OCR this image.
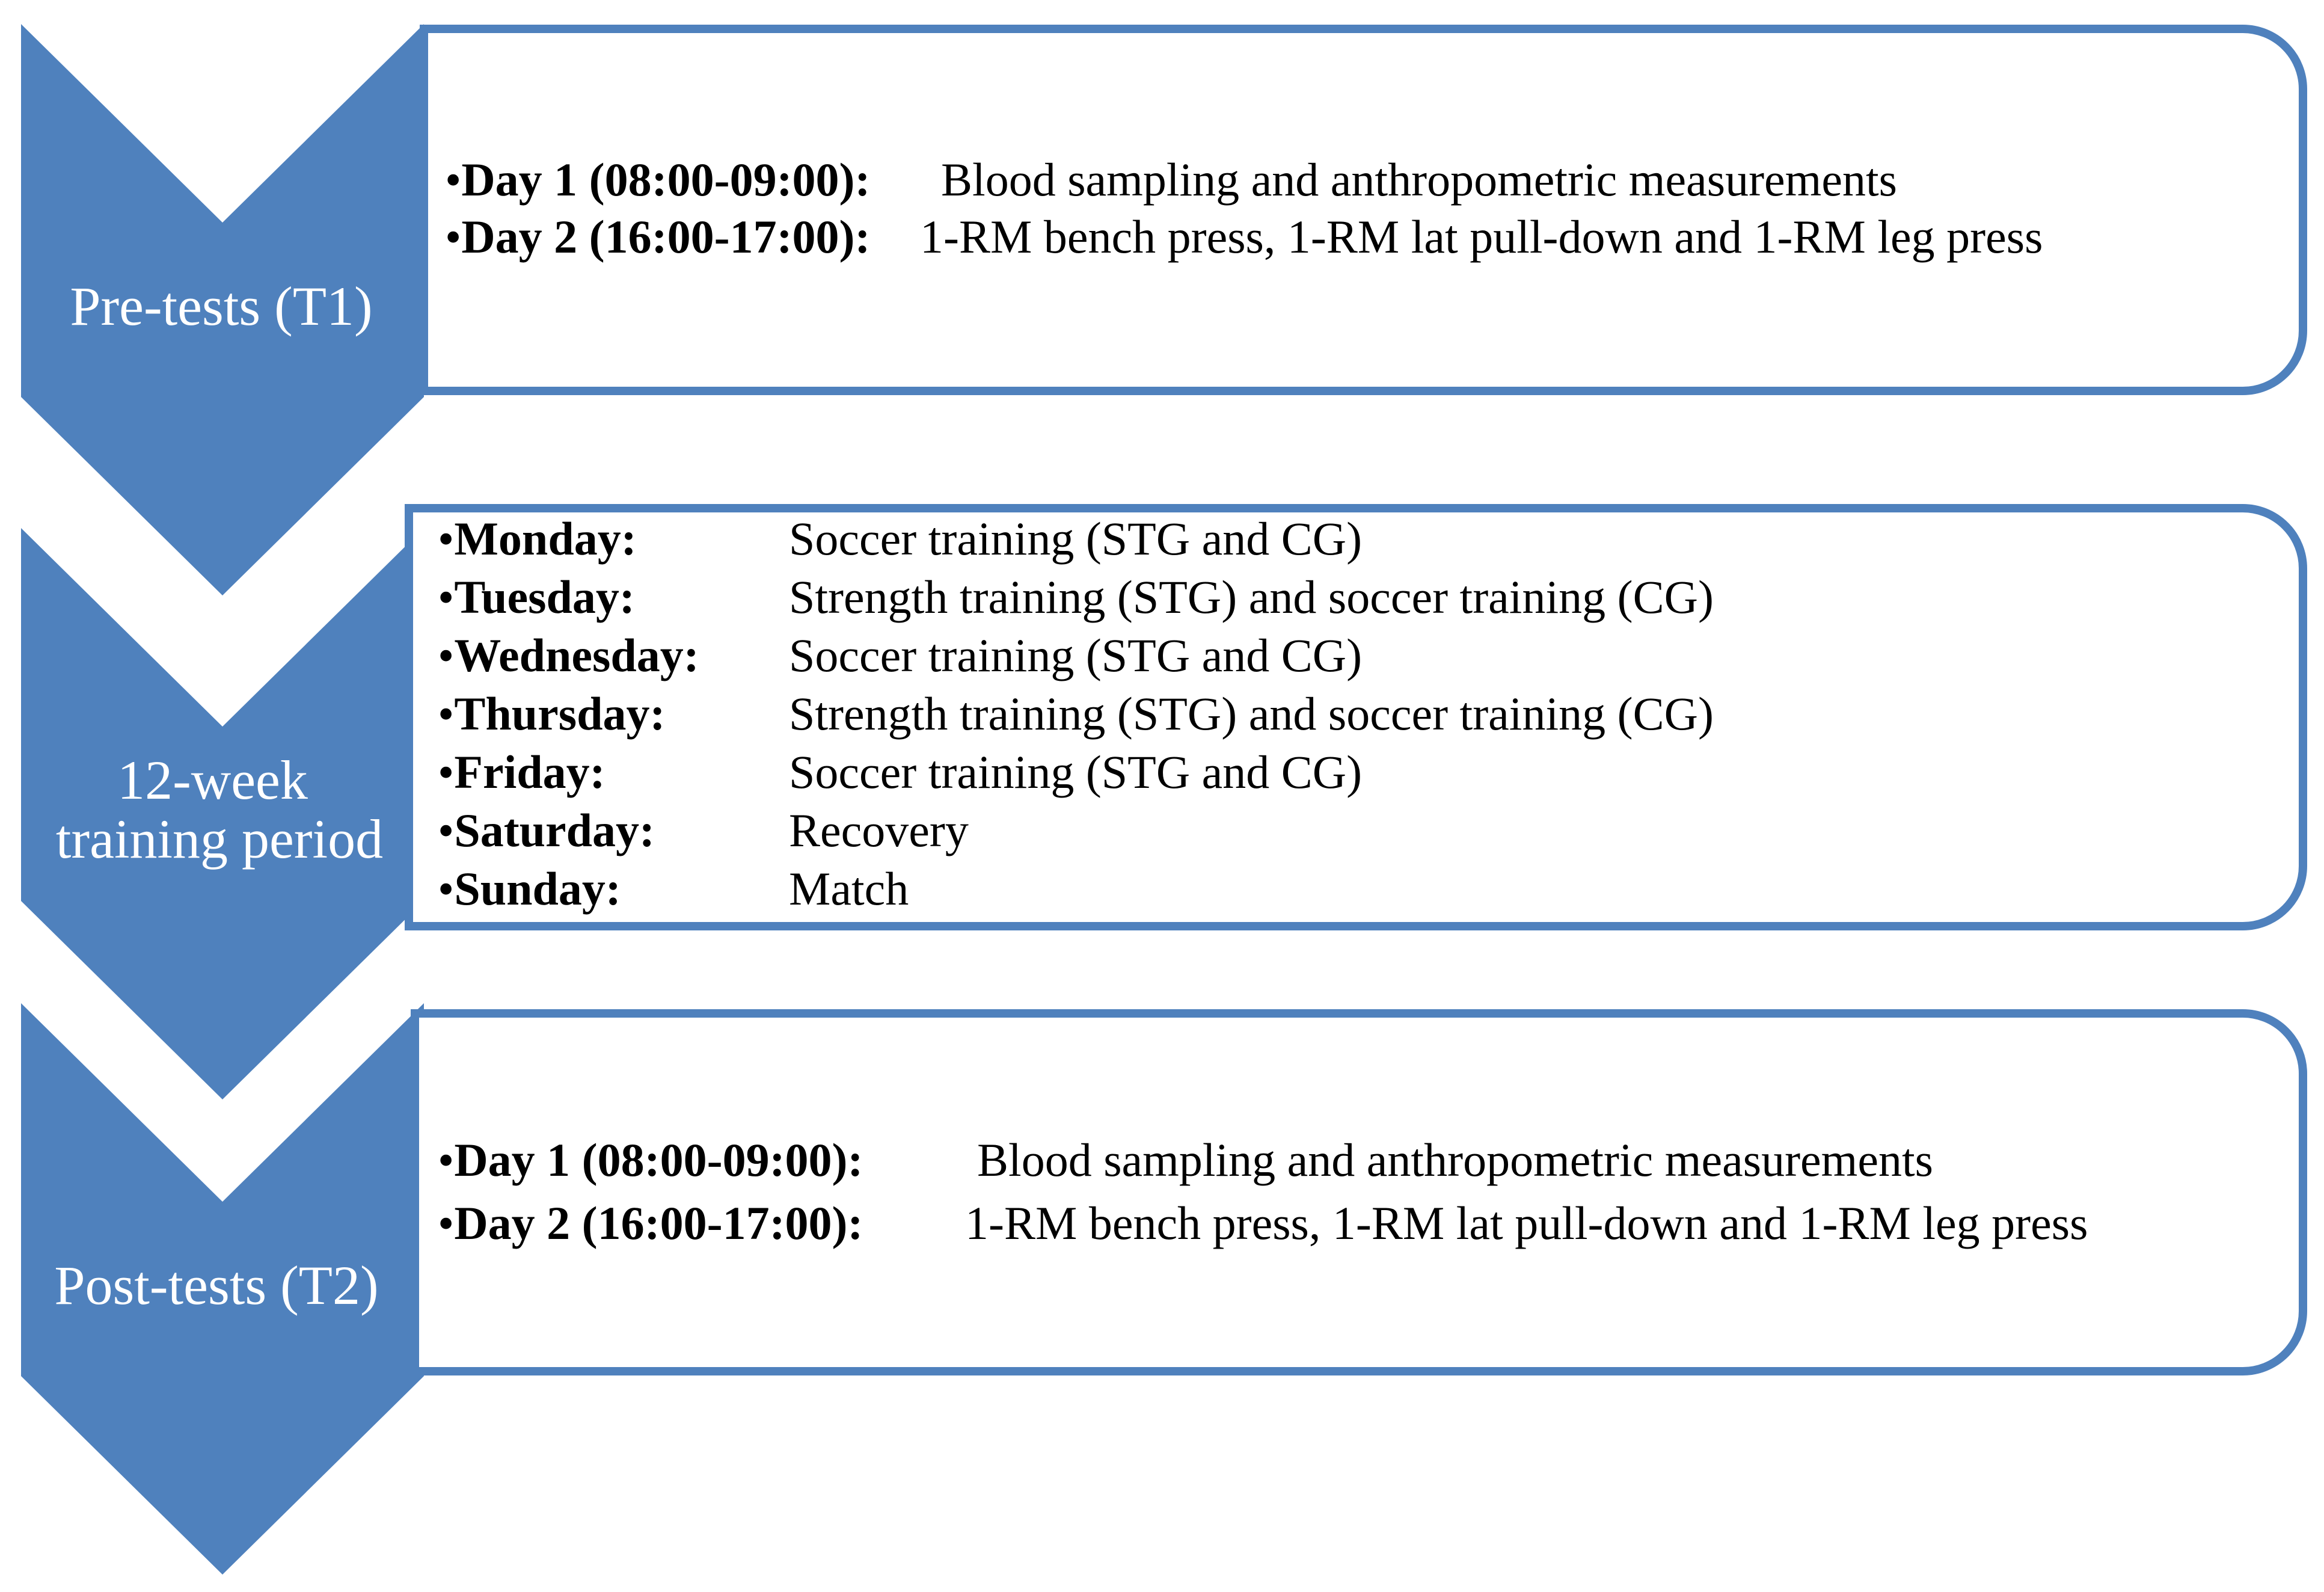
Pre-tests (T1)
•Day 1 (08:00-09:00): Blood sampling and anthropometric measurements
•Day 2 (16:00-17:00): 1-RM bench press, 1-RM lat pull-down and 1-RM leg press
12-week training period
•Monday:	Soccer training (STG and CG)
•Tuesday:	Strength training (STG) and soccer training (CG)
•Wednesday: Soccer training (STG and CG)
•Thursday:	Strength training (STG) and soccer training (CG)
•Friday:	Soccer training (STG and CG)
•Saturday:	Recovery
•Sunday:	Match
Post-tests (T2)
•Day 1 (08:00-09:00): Blood sampling and anthropometric measurements
•Day 2 (16:00-17:00): 1-RM bench press, 1-RM lat pull-down and 1-RM leg press
